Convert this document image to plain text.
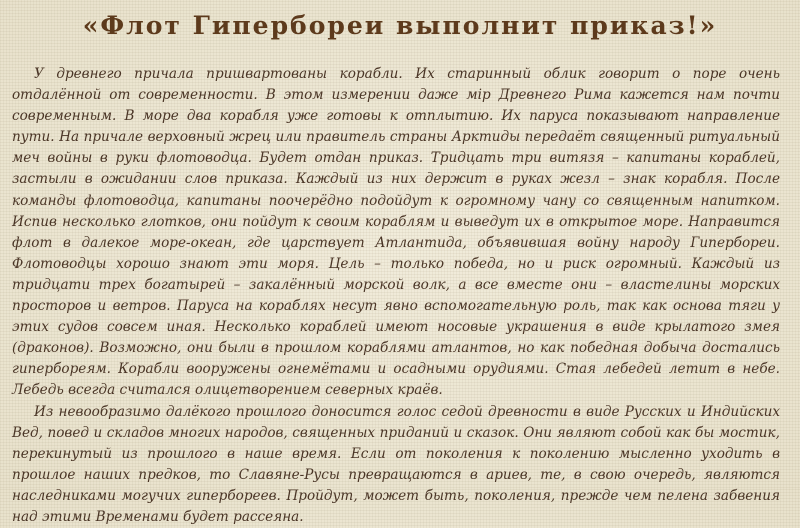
«Флот Гипербореи выполнит приказ!»

У древнего причала пришвартованы корабли. Их старинный облик говорит о поре очень отдалённой от современности. В этом измерении даже мір Древнего Рима кажется нам почти современным. В море два корабля уже готовы к отплытию. Их паруса показывают направление пути. На причале верховный жрец или правитель страны Арктиды передаёт священный ритуальный меч войны в руки флотоводца. Будет отдан приказ. Тридцать три витязя – капитаны кораблей, застыли в ожидании слов приказа. Каждый из них держит в руках жезл – знак корабля. После команды флотоводца, капитаны поочерёдно подойдут к огромному чану со священным напитком. Испив несколько глотков, они пойдут к своим кораблям и выведут их в открытое море. Направится флот в далекое море-океан, где царствует Атлантида, объявившая войну народу Гипербореи. Флотоводцы хорошо знают эти моря. Цель – только победа, но и риск огромный. Каждый из тридцати трех богатырей – закалённый морской волк, а все вместе они – властелины морских просторов и ветров. Паруса на кораблях несут явно вспомогательную роль, так как основа тяги у этих судов совсем иная. Несколько кораблей имеют носовые украшения в виде крылатого змея (драконов). Возможно, они были в прошлом кораблями атлантов, но как победная добыча достались гипербореям. Корабли вооружены огнемётами и осадными орудиями. Стая лебедей летит в небе. Лебедь всегда считался олицетворением северных краёв.

Из невообразимо далёкого прошлого доносится голос седой древности в виде Русских и Индийских Вед, повед и складов многих народов, священных приданий и сказок. Они являют собой как бы мостик, перекинутый из прошлого в наше время. Если от поколения к поколению мысленно уходить в прошлое наших предков, то Славяне-Русы превращаются в ариев, те, в свою очередь, являются наследниками могучих гипербореев. Пройдут, может быть, поколения, прежде чем пелена забвения над этими Временами будет рассеяна.
